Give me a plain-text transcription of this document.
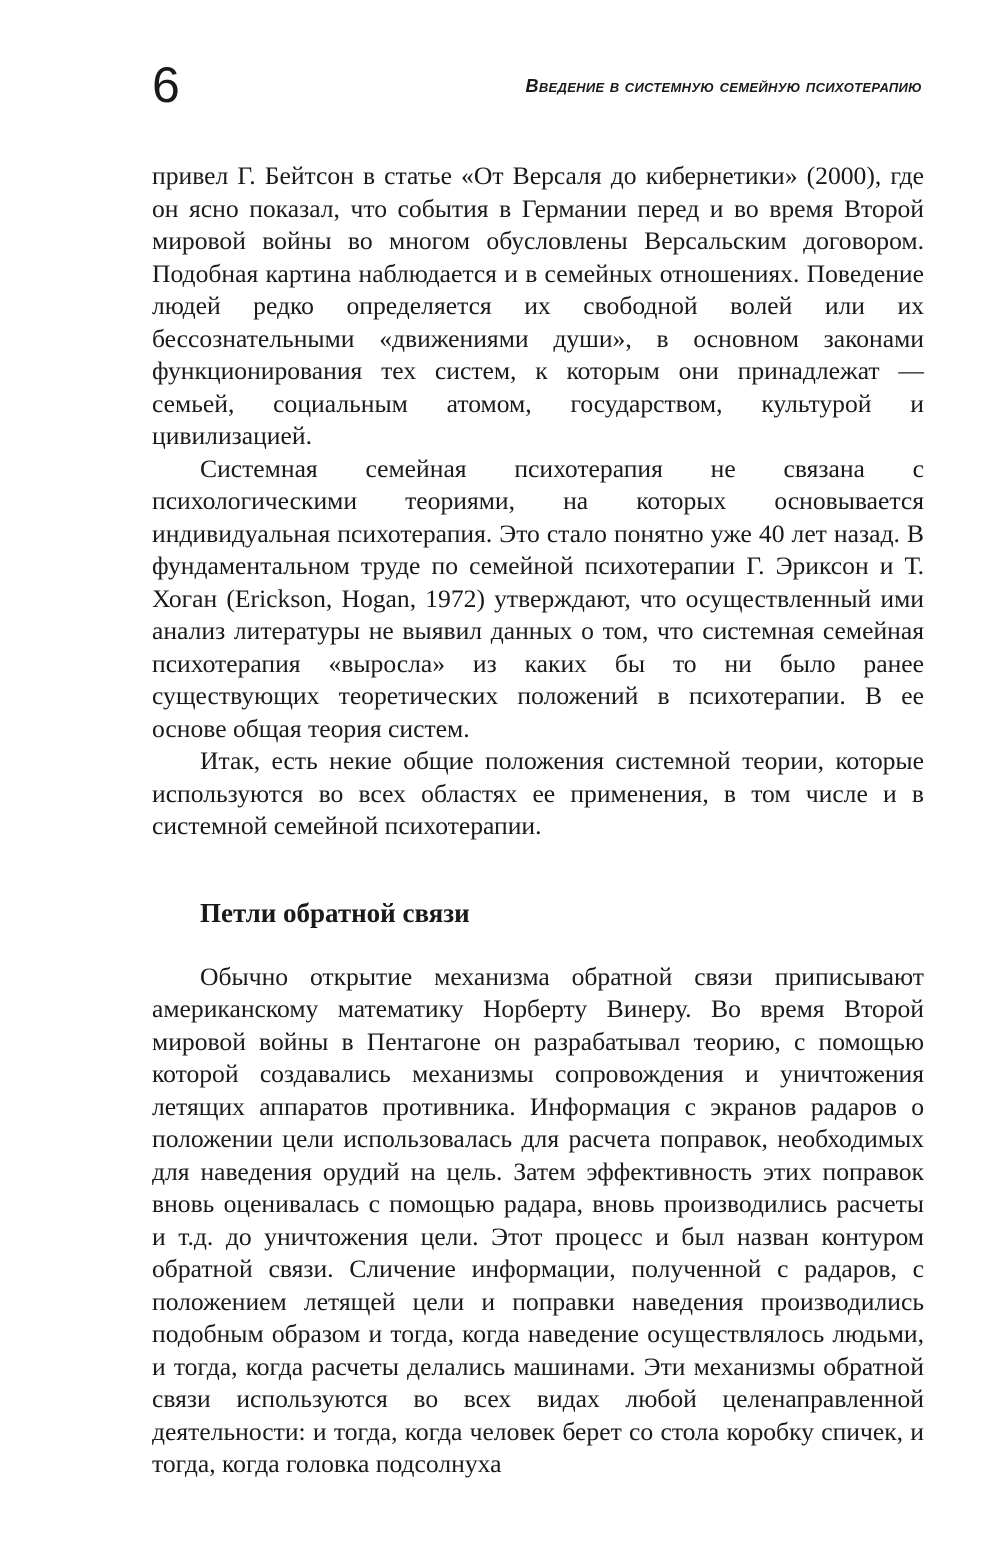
6	Введение в системную семейную психотерапию

привел Г. Бейтсон в статье «От Версаля до кибернетики» (2000), где он ясно показал, что события в Германии перед и во время Второй мировой войны во многом обусловлены Версальским договором. Подобная картина наблюдается и в семейных отношениях. Поведение людей редко определяется их свободной волей или их бессознательными «движениями души», в основном законами функционирования тех систем, к которым они принадлежат — семьей, социальным атомом, государством, культурой и цивилизацией.

Системная семейная психотерапия не связана с психологическими теориями, на которых основывается индивидуальная психотерапия. Это стало понятно уже 40 лет назад. В фундаментальном труде по семейной психотерапии Г. Эриксон и Т. Хоган (Erickson, Hogan, 1972) утверждают, что осуществленный ими анализ литературы не выявил данных о том, что системная семейная психотерапия «выросла» из каких бы то ни было ранее существующих теоретических положений в психотерапии. В ее основе общая теория систем.

Итак, есть некие общие положения системной теории, которые используются во всех областях ее применения, в том числе и в системной семейной психотерапии.

Петли обратной связи

Обычно открытие механизма обратной связи приписывают американскому математику Норберту Винеру. Во время Второй мировой войны в Пентагоне он разрабатывал теорию, с помощью которой создавались механизмы сопровождения и уничтожения летящих аппаратов противника. Информация с экранов радаров о положении цели использовалась для расчета поправок, необходимых для наведения орудий на цель. Затем эффективность этих поправок вновь оценивалась с помощью радара, вновь производились расчеты и т.д. до уничтожения цели. Этот процесс и был назван контуром обратной связи. Сличение информации, полученной с радаров, с положением летящей цели и поправки наведения производились подобным образом и тогда, когда наведение осуществлялось людьми, и тогда, когда расчеты делались машинами. Эти механизмы обратной связи используются во всех видах любой целенаправленной деятельности: и тогда, когда человек берет со стола коробку спичек, и тогда, когда головка подсолнуха
